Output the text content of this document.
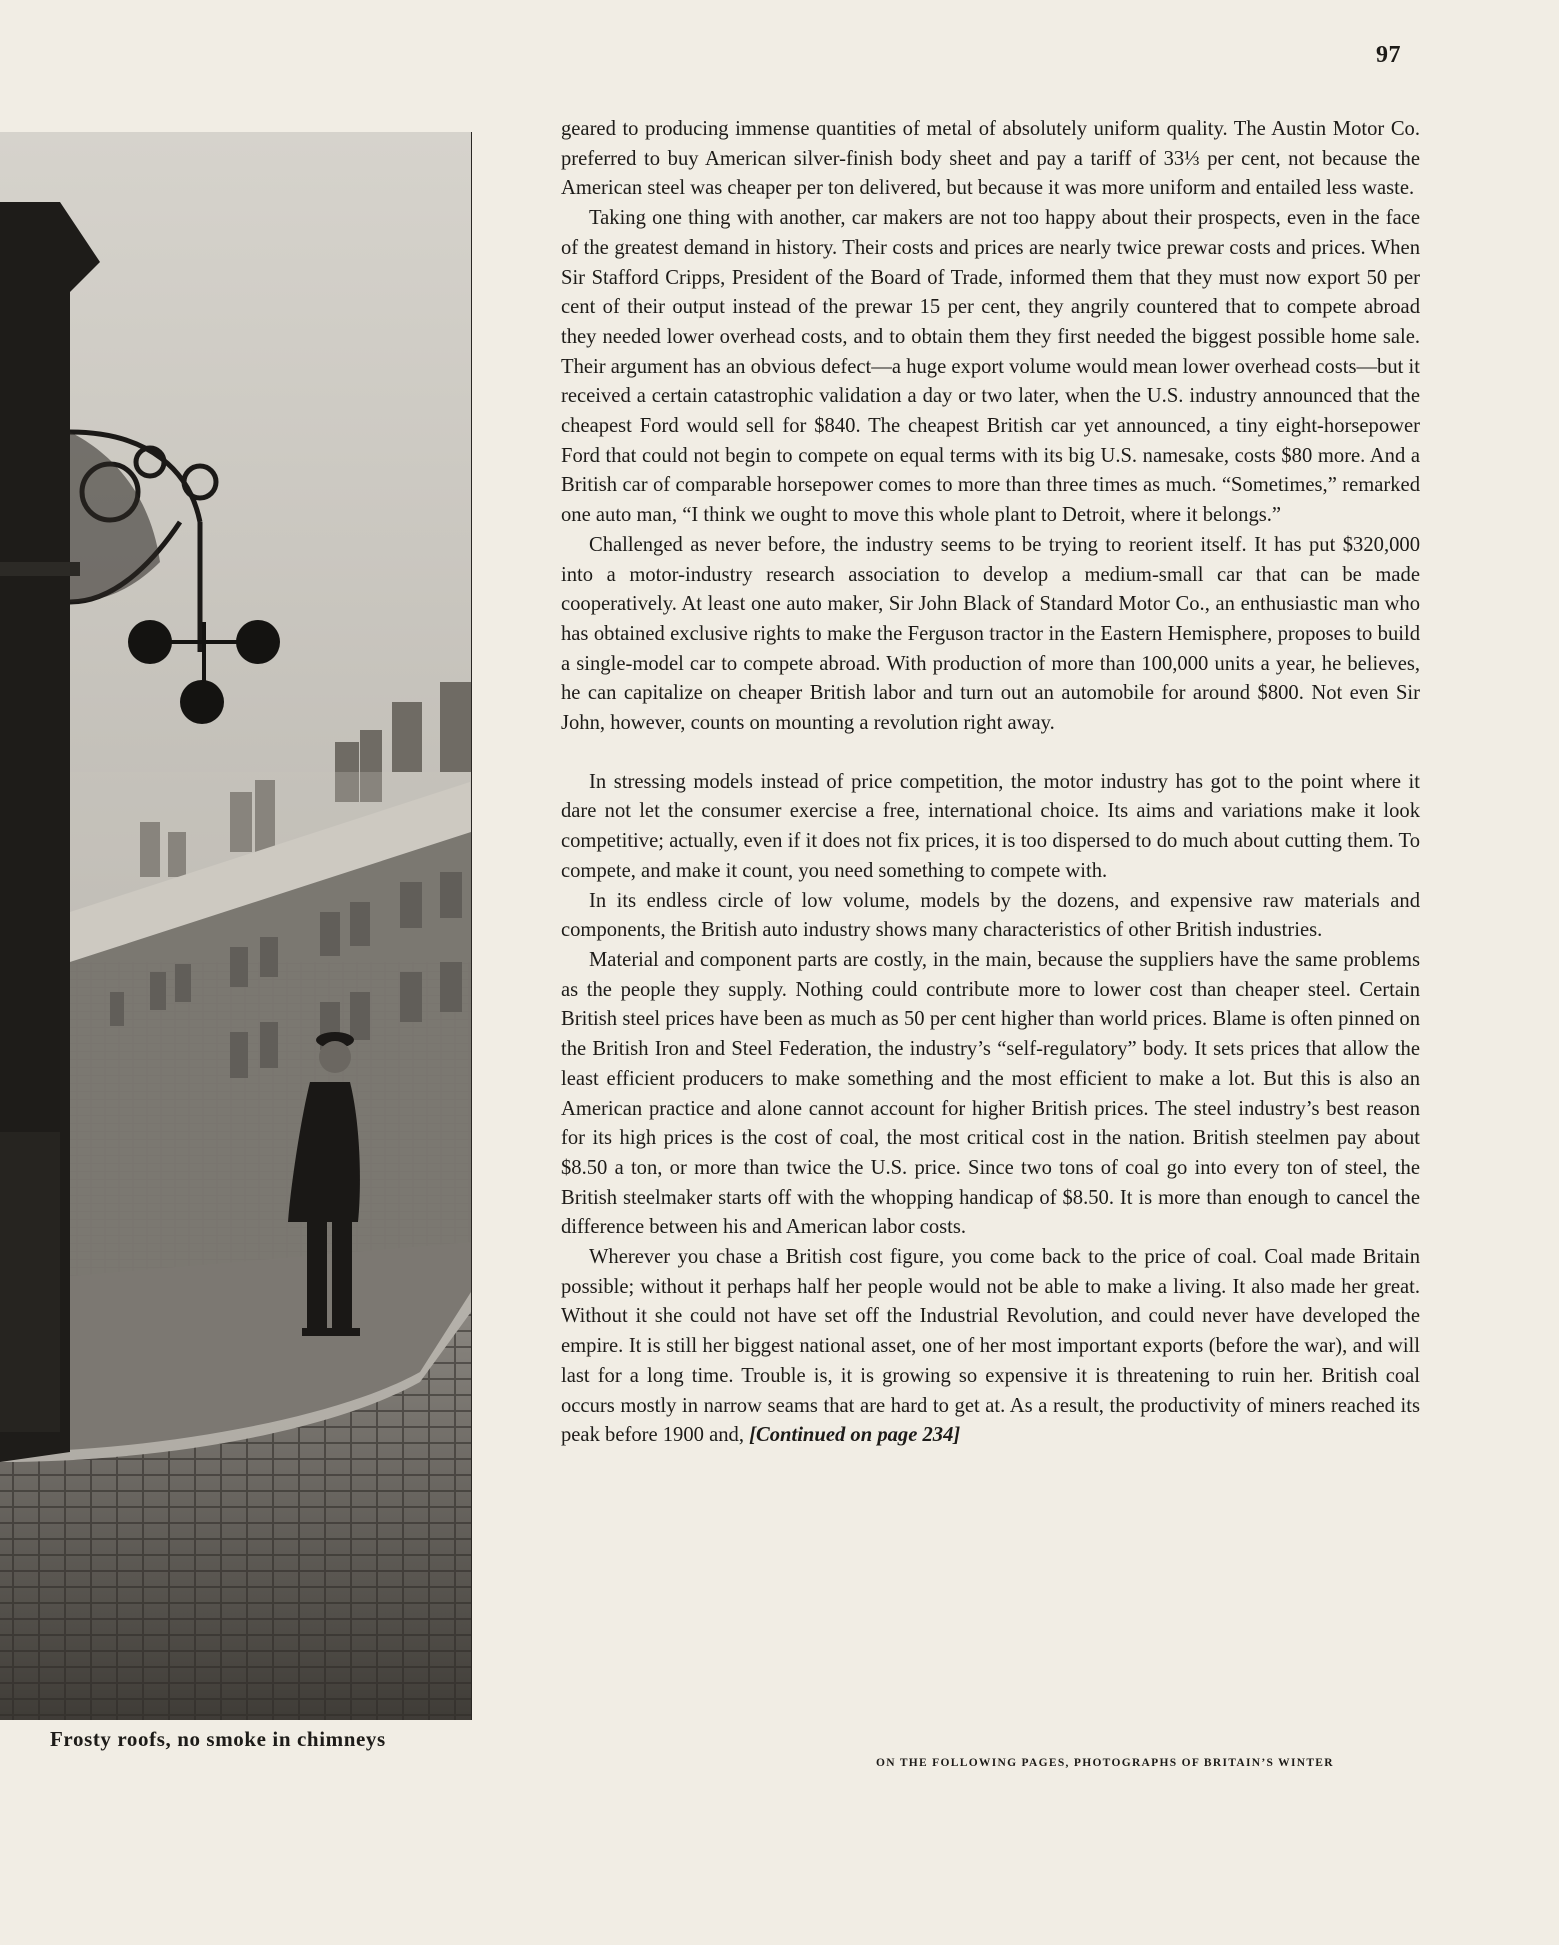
97
Frosty roofs, no smoke in chimneys

geared to producing immense quantities of metal of absolutely uniform quality. The Austin Motor Co. preferred to buy American silver-finish body sheet and pay a tariff of 33⅓ per cent, not because the American steel was cheaper per ton delivered, but because it was more uniform and entailed less waste.

Taking one thing with another, car makers are not too happy about their prospects, even in the face of the greatest demand in history. Their costs and prices are nearly twice prewar costs and prices. When Sir Stafford Cripps, President of the Board of Trade, informed them that they must now export 50 per cent of their output instead of the prewar 15 per cent, they angrily countered that to compete abroad they needed lower overhead costs, and to obtain them they first needed the biggest possible home sale. Their argument has an obvious defect—a huge export volume would mean lower overhead costs—but it received a certain catastrophic validation a day or two later, when the U.S. industry announced that the cheapest Ford would sell for $840. The cheapest British car yet announced, a tiny eight-horsepower Ford that could not begin to compete on equal terms with its big U.S. namesake, costs $80 more. And a British car of comparable horsepower comes to more than three times as much. “Sometimes,” remarked one auto man, “I think we ought to move this whole plant to Detroit, where it belongs.”

Challenged as never before, the industry seems to be trying to reorient itself. It has put $320,000 into a motor-industry research association to develop a medium-small car that can be made cooperatively. At least one auto maker, Sir John Black of Standard Motor Co., an enthusiastic man who has obtained exclusive rights to make the Ferguson tractor in the Eastern Hemisphere, proposes to build a single-model car to compete abroad. With production of more than 100,000 units a year, he believes, he can capitalize on cheaper British labor and turn out an automobile for around $800. Not even Sir John, however, counts on mounting a revolution right away.

In stressing models instead of price competition, the motor industry has got to the point where it dare not let the consumer exercise a free, international choice. Its aims and variations make it look competitive; actually, even if it does not fix prices, it is too dispersed to do much about cutting them. To compete, and make it count, you need something to compete with.

In its endless circle of low volume, models by the dozens, and expensive raw materials and components, the British auto industry shows many characteristics of other British industries.

Material and component parts are costly, in the main, because the suppliers have the same problems as the people they supply. Nothing could contribute more to lower cost than cheaper steel. Certain British steel prices have been as much as 50 per cent higher than world prices. Blame is often pinned on the British Iron and Steel Federation, the industry’s “self-regulatory” body. It sets prices that allow the least efficient producers to make something and the most efficient to make a lot. But this is also an American practice and alone cannot account for higher British prices. The steel industry’s best reason for its high prices is the cost of coal, the most critical cost in the nation. British steelmen pay about $8.50 a ton, or more than twice the U.S. price. Since two tons of coal go into every ton of steel, the British steelmaker starts off with the whopping handicap of $8.50. It is more than enough to cancel the difference between his and American labor costs.

Wherever you chase a British cost figure, you come back to the price of coal. Coal made Britain possible; without it perhaps half her people would not be able to make a living. It also made her great. Without it she could not have set off the Industrial Revolution, and could never have developed the empire. It is still her biggest national asset, one of her most important exports (before the war), and will last for a long time. Trouble is, it is growing so expensive it is threatening to ruin her. British coal occurs mostly in narrow seams that are hard to get at. As a result, the productivity of miners reached its peak before 1900 and, [Continued on page 234]

ON THE FOLLOWING PAGES, PHOTOGRAPHS OF BRITAIN’S WINTER
